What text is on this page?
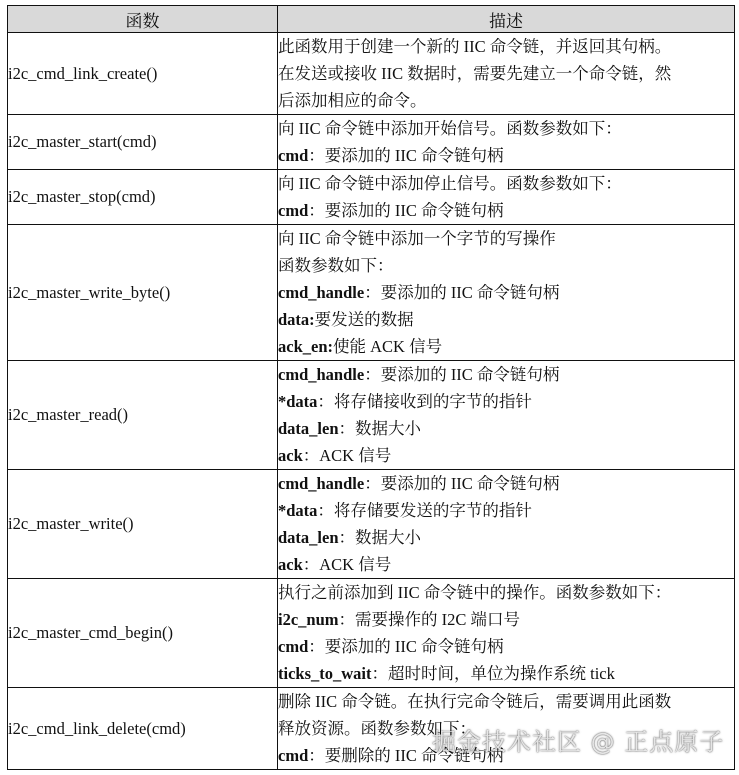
函数	描述
i2c_cmd_link_create()	此函数用于创建一个新的 IIC 命令链，并返回其句柄。
在发送或接收 IIC 数据时，需要先建立一个命令链，然
后添加相应的命令。

i2c_master_start(cmd)	向 IIC 命令链中添加开始信号。函数参数如下：
cmd：要添加的 IIC 命令链句柄

i2c_master_stop(cmd)	向 IIC 命令链中添加停止信号。函数参数如下：
cmd：要添加的 IIC 命令链句柄

i2c_master_write_byte()	向 IIC 命令链中添加一个字节的写操作
函数参数如下：
cmd_handle：要添加的 IIC 命令链句柄
data:要发送的数据
ack_en:使能 ACK 信号

i2c_master_read()	cmd_handle：要添加的 IIC 命令链句柄
*data：将存储接收到的字节的指针
data_len：数据大小
ack：ACK 信号

i2c_master_write()	cmd_handle：要添加的 IIC 命令链句柄
*data：将存储要发送的字节的指针
data_len：数据大小
ack：ACK 信号

i2c_master_cmd_begin()	执行之前添加到 IIC 命令链中的操作。函数参数如下：
i2c_num：需要操作的 I2C 端口号
cmd：要添加的 IIC 命令链句柄
ticks_to_wait：超时时间，单位为操作系统 tick

i2c_cmd_link_delete(cmd)	删除 IIC 命令链。在执行完命令链后，需要调用此函数
释放资源。函数参数如下：
cmd：要删除的 IIC 命令链句柄
掘金技术社区 @ 正点原子
